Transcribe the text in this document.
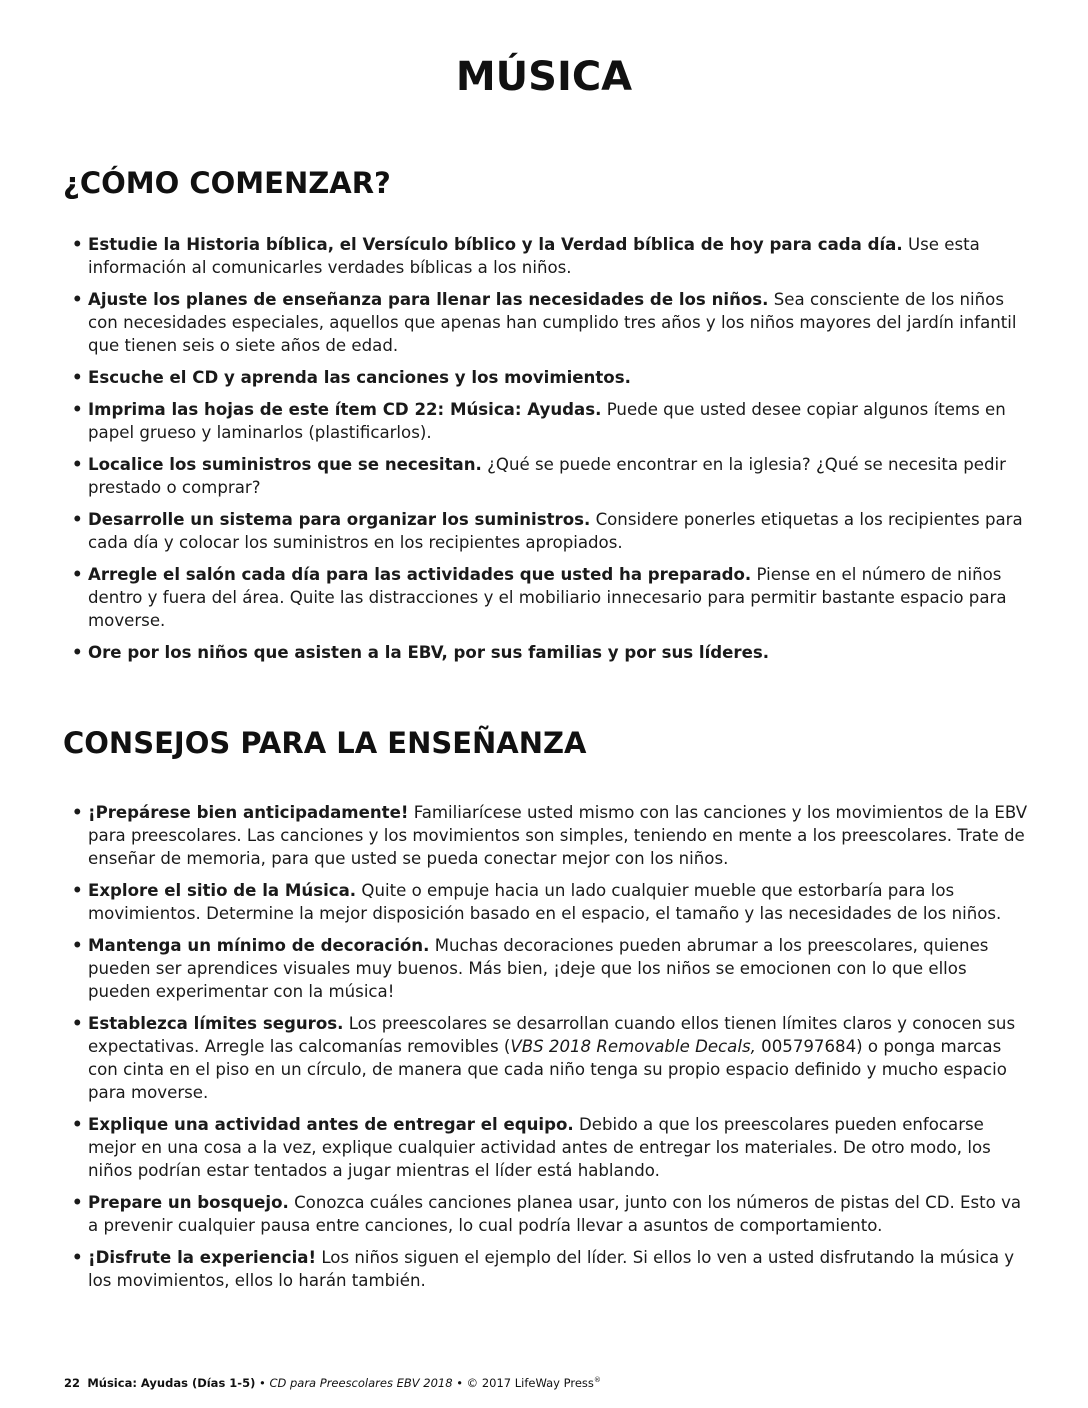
MÚSICA
¿CÓMO COMENZAR?
• Estudie la Historia bíblica, el Versículo bíblico y la Verdad bíblica de hoy para cada día. Use esta información al comunicarles verdades bíblicas a los niños.
• Ajuste los planes de enseñanza para llenar las necesidades de los niños. Sea consciente de los niños con necesidades especiales, aquellos que apenas han cumplido tres años y los niños mayores del jardín infantil que tienen seis o siete años de edad.
• Escuche el CD y aprenda las canciones y los movimientos.
• Imprima las hojas de este ítem CD 22: Música: Ayudas. Puede que usted desee copiar algunos ítems en papel grueso y laminarlos (plastificarlos).
• Localice los suministros que se necesitan. ¿Qué se puede encontrar en la iglesia? ¿Qué se necesita pedir prestado o comprar?
• Desarrolle un sistema para organizar los suministros. Considere ponerles etiquetas a los recipientes para cada día y colocar los suministros en los recipientes apropiados.
• Arregle el salón cada día para las actividades que usted ha preparado. Piense en el número de niños dentro y fuera del área. Quite las distracciones y el mobiliario innecesario para permitir bastante espacio para moverse.
• Ore por los niños que asisten a la EBV, por sus familias y por sus líderes.
CONSEJOS PARA LA ENSEÑANZA
• ¡Prepárese bien anticipadamente! Familiarícese usted mismo con las canciones y los movimientos de la EBV para preescolares. Las canciones y los movimientos son simples, teniendo en mente a los preescolares. Trate de enseñar de memoria, para que usted se pueda conectar mejor con los niños.
• Explore el sitio de la Música. Quite o empuje hacia un lado cualquier mueble que estorbaría para los movimientos. Determine la mejor disposición basado en el espacio, el tamaño y las necesidades de los niños.
• Mantenga un mínimo de decoración. Muchas decoraciones pueden abrumar a los preescolares, quienes pueden ser aprendices visuales muy buenos. Más bien, ¡deje que los niños se emocionen con lo que ellos pueden experimentar con la música!
• Establezca límites seguros. Los preescolares se desarrollan cuando ellos tienen límites claros y conocen sus expectativas. Arregle las calcomanías removibles (VBS 2018 Removable Decals, 005797684) o ponga marcas con cinta en el piso en un círculo, de manera que cada niño tenga su propio espacio definido y mucho espacio para moverse.
• Explique una actividad antes de entregar el equipo. Debido a que los preescolares pueden enfocarse mejor en una cosa a la vez, explique cualquier actividad antes de entregar los materiales. De otro modo, los niños podrían estar tentados a jugar mientras el líder está hablando.
• Prepare un bosquejo. Conozca cuáles canciones planea usar, junto con los números de pistas del CD. Esto va a prevenir cualquier pausa entre canciones, lo cual podría llevar a asuntos de comportamiento.
• ¡Disfrute la experiencia! Los niños siguen el ejemplo del líder. Si ellos lo ven a usted disfrutando la música y los movimientos, ellos lo harán también.
22 Música: Ayudas (Días 1-5) • CD para Preescolares EBV 2018 • © 2017 LifeWay Press®
